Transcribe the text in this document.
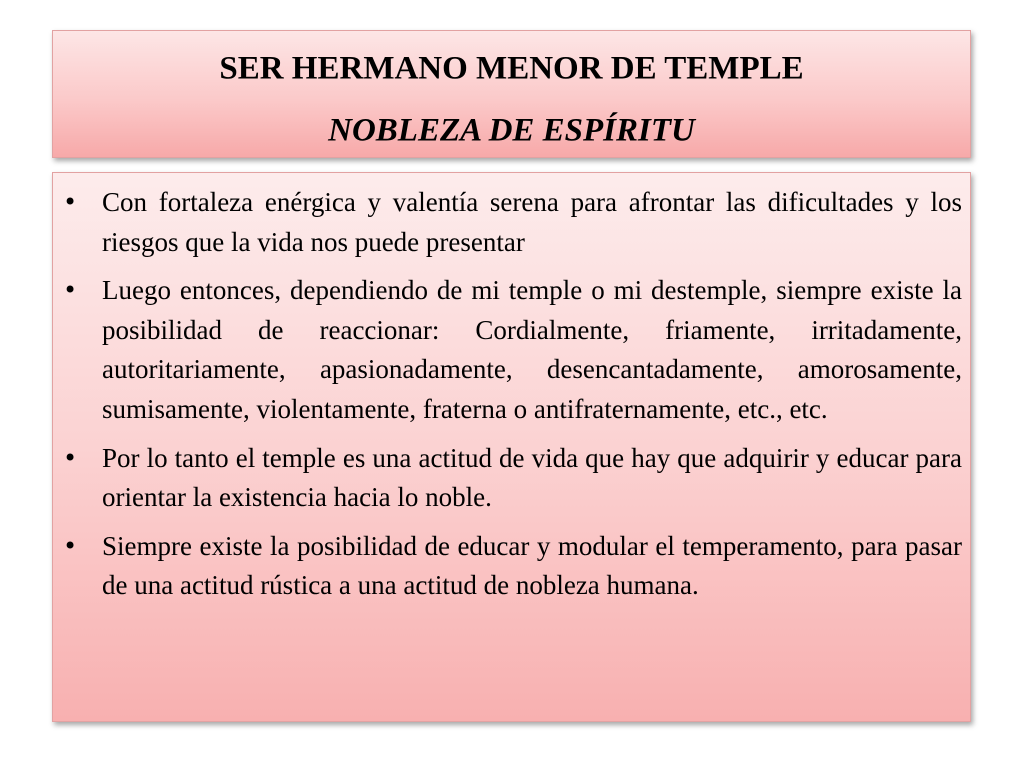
SER HERMANO MENOR DE TEMPLE
NOBLEZA DE ESPÍRITU
• Con fortaleza enérgica y valentía serena para afrontar las dificultades y los riesgos que la vida nos puede presentar
• Luego entonces, dependiendo de mi temple o mi destemple, siempre existe la posibilidad de reaccionar: Cordialmente, friamente, irritadamente, autoritariamente, apasionadamente, desencantadamente, amorosamente, sumisamente, violentamente, fraterna o antifraternamente, etc., etc.
• Por lo tanto el temple es una actitud de vida que hay que adquirir y educar para orientar la existencia hacia lo noble.
• Siempre existe la posibilidad de educar y modular el temperamento, para pasar de una actitud rústica a una actitud de nobleza humana.
